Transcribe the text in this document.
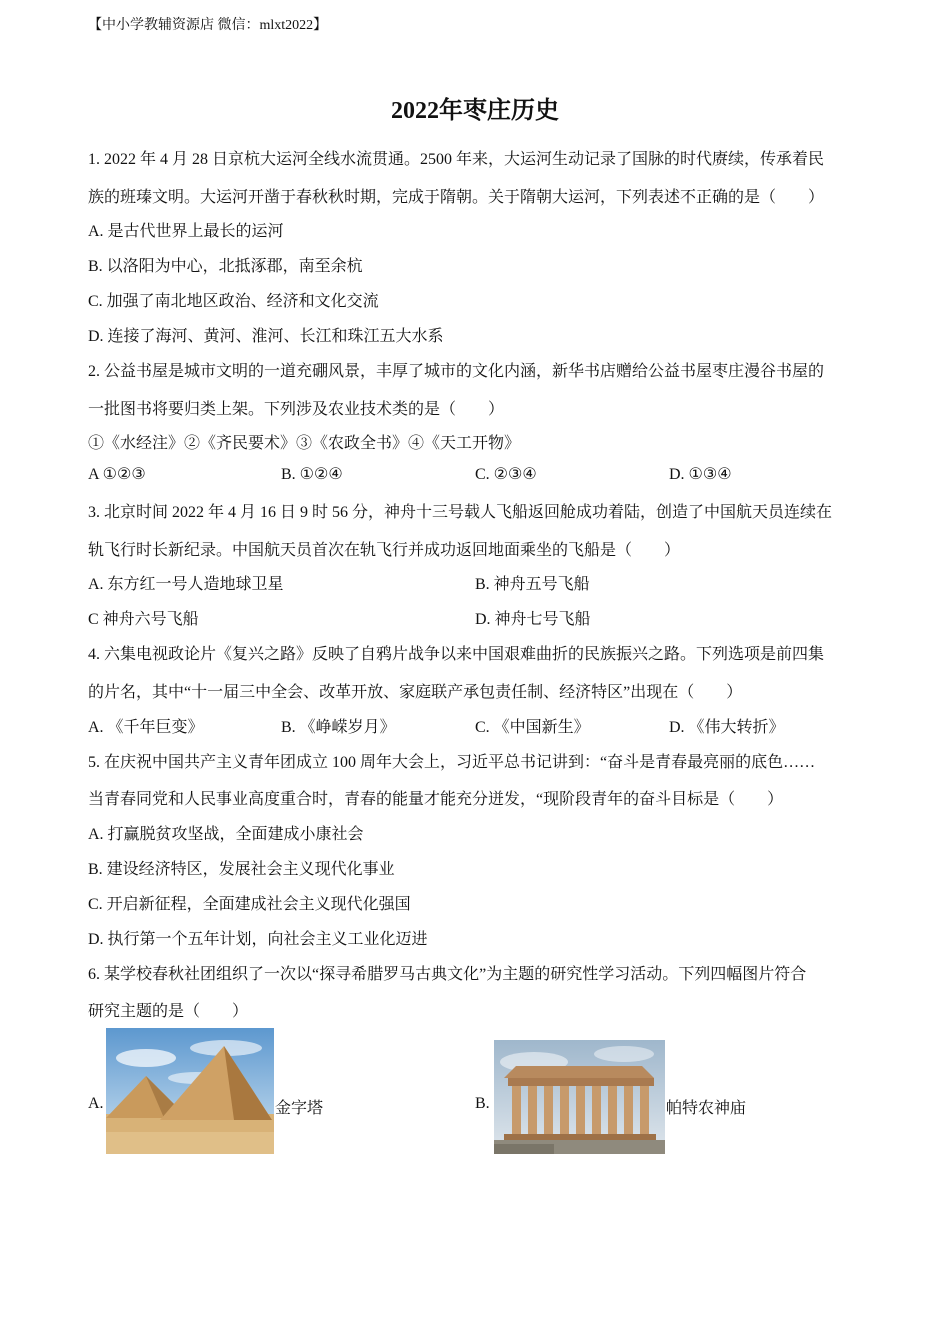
【中小学教辅资源店 微信：mlxt2022】
2022年枣庄历史
1. 2022 年 4 月 28 日京杭大运河全线水流贯通。2500 年来，大运河生动记录了国脉的时代赓续，传承着民
族的班瑧文明。大运河开凿于春秋秋时期，完成于隋朝。关于隋朝大运河，下列表述不正确的是（　　）
A. 是古代世界上最长的运河
B. 以洛阳为中心，北抵涿郡，南至余杭
C. 加强了南北地区政治、经济和文化交流
D. 连接了海河、黄河、淮河、长江和珠江五大水系
2. 公益书屋是城市文明的一道充硼风景，丰厚了城市的文化内涵，新华书店赠给公益书屋枣庄漫谷书屋的
一批图书将要归类上架。下列涉及农业技术类的是（　　）
①《水经注》②《齐民要术》③《农政全书》④《天工开物》
A ①②③	B. ①②④	C. ②③④	D. ①③④
3. 北京时间 2022 年 4 月 16 日 9 时 56 分，神舟十三号载人飞船返回舱成功着陆，创造了中国航天员连续在
轨飞行时长新纪录。中国航天员首次在轨飞行并成功返回地面乘坐的飞船是（　　）
A. 东方红一号人造地球卫星	B. 神舟五号飞船
C 神舟六号飞船	D. 神舟七号飞船
4. 六集电视政论片《复兴之路》反映了自鸦片战争以来中国艰难曲折的民族振兴之路。下列选项是前四集
的片名，其中“十一届三中全会、改革开放、家庭联产承包责任制、经济特区”出现在（　　）
A. 《千年巨变》	B. 《峥嵘岁月》	C. 《中国新生》	D. 《伟大转折》
5. 在庆祝中国共产主义青年团成立 100 周年大会上，习近平总书记讲到：“奋斗是青春最亮丽的底色……
当青春同党和人民事业高度重合时，青春的能量才能充分迸发，“现阶段青年的奋斗目标是（　　）
A. 打赢脱贫攻坚战，全面建成小康社会
B. 建设经济特区，发展社会主义现代化事业
C. 开启新征程，全面建成社会主义现代化强国
D. 执行第一个五年计划，向社会主义工业化迈进
6. 某学校春秋社团组织了一次以“探寻希腊罗马古典文化”为主题的研究性学习活动。下列四幅图片符合
研究主题的是（　　）
A.	金字塔	B.	帕特农神庙
